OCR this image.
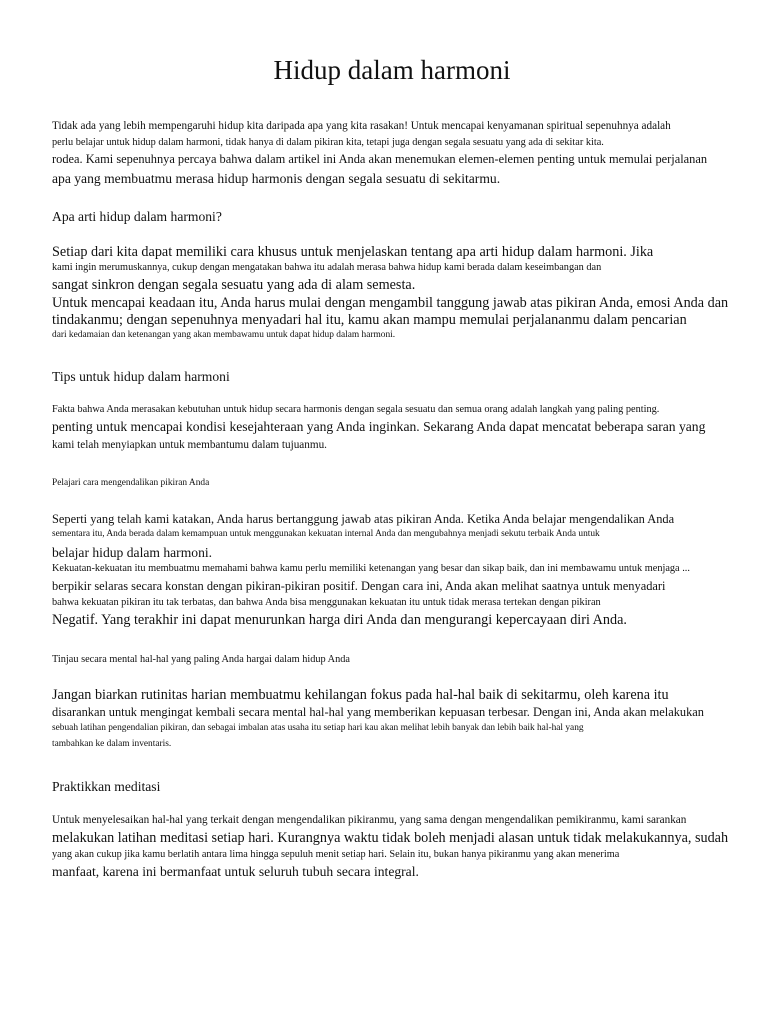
Hidup dalam harmoni
Tidak ada yang lebih mempengaruhi hidup kita daripada apa yang kita rasakan! Untuk mencapai kenyamanan spiritual sepenuhnya adalah
perlu belajar untuk hidup dalam harmoni, tidak hanya di dalam pikiran kita, tetapi juga dengan segala sesuatu yang ada di sekitar kita.
rodea. Kami sepenuhnya percaya bahwa dalam artikel ini Anda akan menemukan elemen-elemen penting untuk memulai perjalanan
apa yang membuatmu merasa hidup harmonis dengan segala sesuatu di sekitarmu.
Apa arti hidup dalam harmoni?
Setiap dari kita dapat memiliki cara khusus untuk menjelaskan tentang apa arti hidup dalam harmoni. Jika
kami ingin merumuskannya, cukup dengan mengatakan bahwa itu adalah merasa bahwa hidup kami berada dalam keseimbangan dan
sangat sinkron dengan segala sesuatu yang ada di alam semesta.
Untuk mencapai keadaan itu, Anda harus mulai dengan mengambil tanggung jawab atas pikiran Anda, emosi Anda dan
tindakanmu; dengan sepenuhnya menyadari hal itu, kamu akan mampu memulai perjalananmu dalam pencarian
dari kedamaian dan ketenangan yang akan membawamu untuk dapat hidup dalam harmoni.
Tips untuk hidup dalam harmoni
Fakta bahwa Anda merasakan kebutuhan untuk hidup secara harmonis dengan segala sesuatu dan semua orang adalah langkah yang paling penting.
penting untuk mencapai kondisi kesejahteraan yang Anda inginkan. Sekarang Anda dapat mencatat beberapa saran yang
kami telah menyiapkan untuk membantumu dalam tujuanmu.
Pelajari cara mengendalikan pikiran Anda
Seperti yang telah kami katakan, Anda harus bertanggung jawab atas pikiran Anda. Ketika Anda belajar mengendalikan Anda
sementara itu, Anda berada dalam kemampuan untuk menggunakan kekuatan internal Anda dan mengubahnya menjadi sekutu terbaik Anda untuk
belajar hidup dalam harmoni.
Kekuatan-kekuatan itu membuatmu memahami bahwa kamu perlu memiliki ketenangan yang besar dan sikap baik, dan ini membawamu untuk menjaga ...
berpikir selaras secara konstan dengan pikiran-pikiran positif. Dengan cara ini, Anda akan melihat saatnya untuk menyadari
bahwa kekuatan pikiran itu tak terbatas, dan bahwa Anda bisa menggunakan kekuatan itu untuk tidak merasa tertekan dengan pikiran
Negatif. Yang terakhir ini dapat menurunkan harga diri Anda dan mengurangi kepercayaan diri Anda.
Tinjau secara mental hal-hal yang paling Anda hargai dalam hidup Anda
Jangan biarkan rutinitas harian membuatmu kehilangan fokus pada hal-hal baik di sekitarmu, oleh karena itu
disarankan untuk mengingat kembali secara mental hal-hal yang memberikan kepuasan terbesar. Dengan ini, Anda akan melakukan
sebuah latihan pengendalian pikiran, dan sebagai imbalan atas usaha itu setiap hari kau akan melihat lebih banyak dan lebih baik hal-hal yang
tambahkan ke dalam inventaris.
Praktikkan meditasi
Untuk menyelesaikan hal-hal yang terkait dengan mengendalikan pikiranmu, yang sama dengan mengendalikan pemikiranmu, kami sarankan
melakukan latihan meditasi setiap hari. Kurangnya waktu tidak boleh menjadi alasan untuk tidak melakukannya, sudah
yang akan cukup jika kamu berlatih antara lima hingga sepuluh menit setiap hari. Selain itu, bukan hanya pikiranmu yang akan menerima
manfaat, karena ini bermanfaat untuk seluruh tubuh secara integral.
